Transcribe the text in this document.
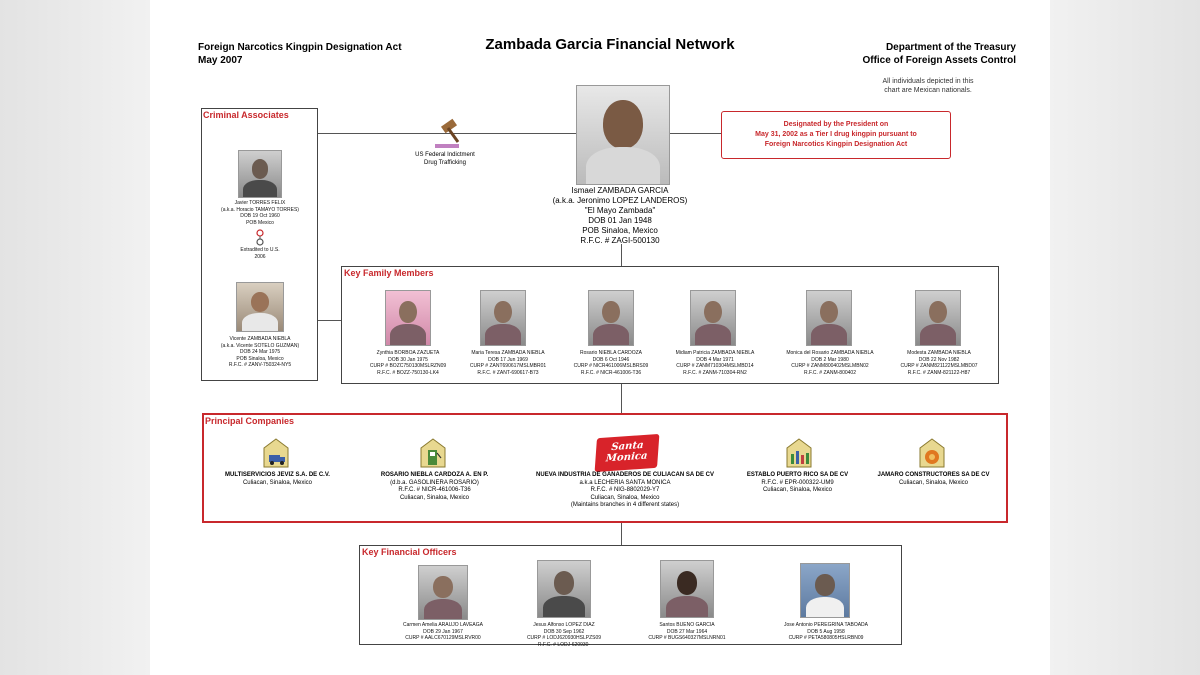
Foreign Narcotics Kingpin Designation Act
May 2007
Zambada Garcia Financial Network	Department of the Treasury
Office of Foreign Assets Control
All individuals depicted in this
chart are Mexican nationals.
Criminal Associates
Javier TORRES FELIX
(a.k.a. Horacio TAMAYO TORRES)
DOB 19 Oct 1960
POB Mexico
Extradited to U.S.
2006
Vicente ZAMBADA NIEBLA
(a.k.a. Vicente SOTELO GUZMAN)
DOB 24 Mar 1975
POB Sinaloa, Mexico
R.F.C. # ZANV-750324-NY5
US Federal Indictment
Drug Trafficking
Ismael ZAMBADA GARCIA
(a.k.a. Jeronimo LOPEZ LANDEROS)
"El Mayo Zambada"
DOB 01 Jan 1948
POB Sinaloa, Mexico
R.F.C. # ZAGI-500130
Designated by the President on
May 31, 2002 as a Tier I drug kingpin pursuant to
Foreign Narcotics Kingpin Designation Act
Key Family Members
Zynthia BORBOA ZAZUETA
DOB 30 Jan 1975
CURP # BOZC750130MSLRZN09
R.F.C. # BOZZ-750130-LK4
Maria Teresa ZAMBADA NIEBLA
DOB 17 Jun 1969
CURP # ZANT690617MSLMBR01
R.F.C. # ZANT-690617-B73
Rosario NIEBLA CARDOZA
DOB 6 Oct 1946
CURP # NICR461006MSLBRS09
R.F.C. # NICR-461006-T36
Midiam Patricia ZAMBADA NIEBLA
DOB 4 Mar 1971
CURP # ZANM710304MSLMBD14
R.F.C. # ZANM-710304-RN2
Monica del Rosario ZAMBADA NIEBLA
DOB 2 Mar 1980
CURP # ZANM800402MSLMBN02
R.F.C. # ZANM-800402
Modesta ZAMBADA NIEBLA
DOB 22 Nov 1982
CURP # ZANM821122MSLMBD07
R.F.C. # ZANM-821122-H87
Principal Companies
Santa Monica
MULTISERVICIOS JEVIZ S.A. DE C.V.
Culiacan, Sinaloa, Mexico
ROSARIO NIEBLA CARDOZA A. EN P.
(d.b.a. GASOLINERA ROSARIO)
R.F.C. # NICR-461006-T36
Culiacan, Sinaloa, Mexico
NUEVA INDUSTRIA DE GANADEROS DE CULIACAN SA DE CV
a.k.a LECHERIA SANTA MONICA
R.F.C. # NIG-8802029-Y7
Culiacan, Sinaloa, Mexico
(Maintains branches in 4 different states)
ESTABLO PUERTO RICO SA DE CV
R.F.C. # EPR-000322-UM9
Culiacan, Sinaloa, Mexico
JAMARO CONSTRUCTORES SA DE CV
Culiacan, Sinaloa, Mexico
Key Financial Officers
Carmen Amelia ARAUJO LAVEAGA
DOB 29 Jan 1967
CURP # AALC670129MSLRVR00
Jesus Alfonso LOPEZ DIAZ
DOB 30 Sep 1962
CURP # LODJ620930HSLPZS09
R.F.C. # LODJ-620930-
Santos BUENO GARCIA
DOB 27 Mar 1964
CURP # BUGS640327MSLNRN01
Jose Antonio PEREGRINA TABOADA
DOB 5 Aug 1958
CURP # PETA580805HSLRBN09
